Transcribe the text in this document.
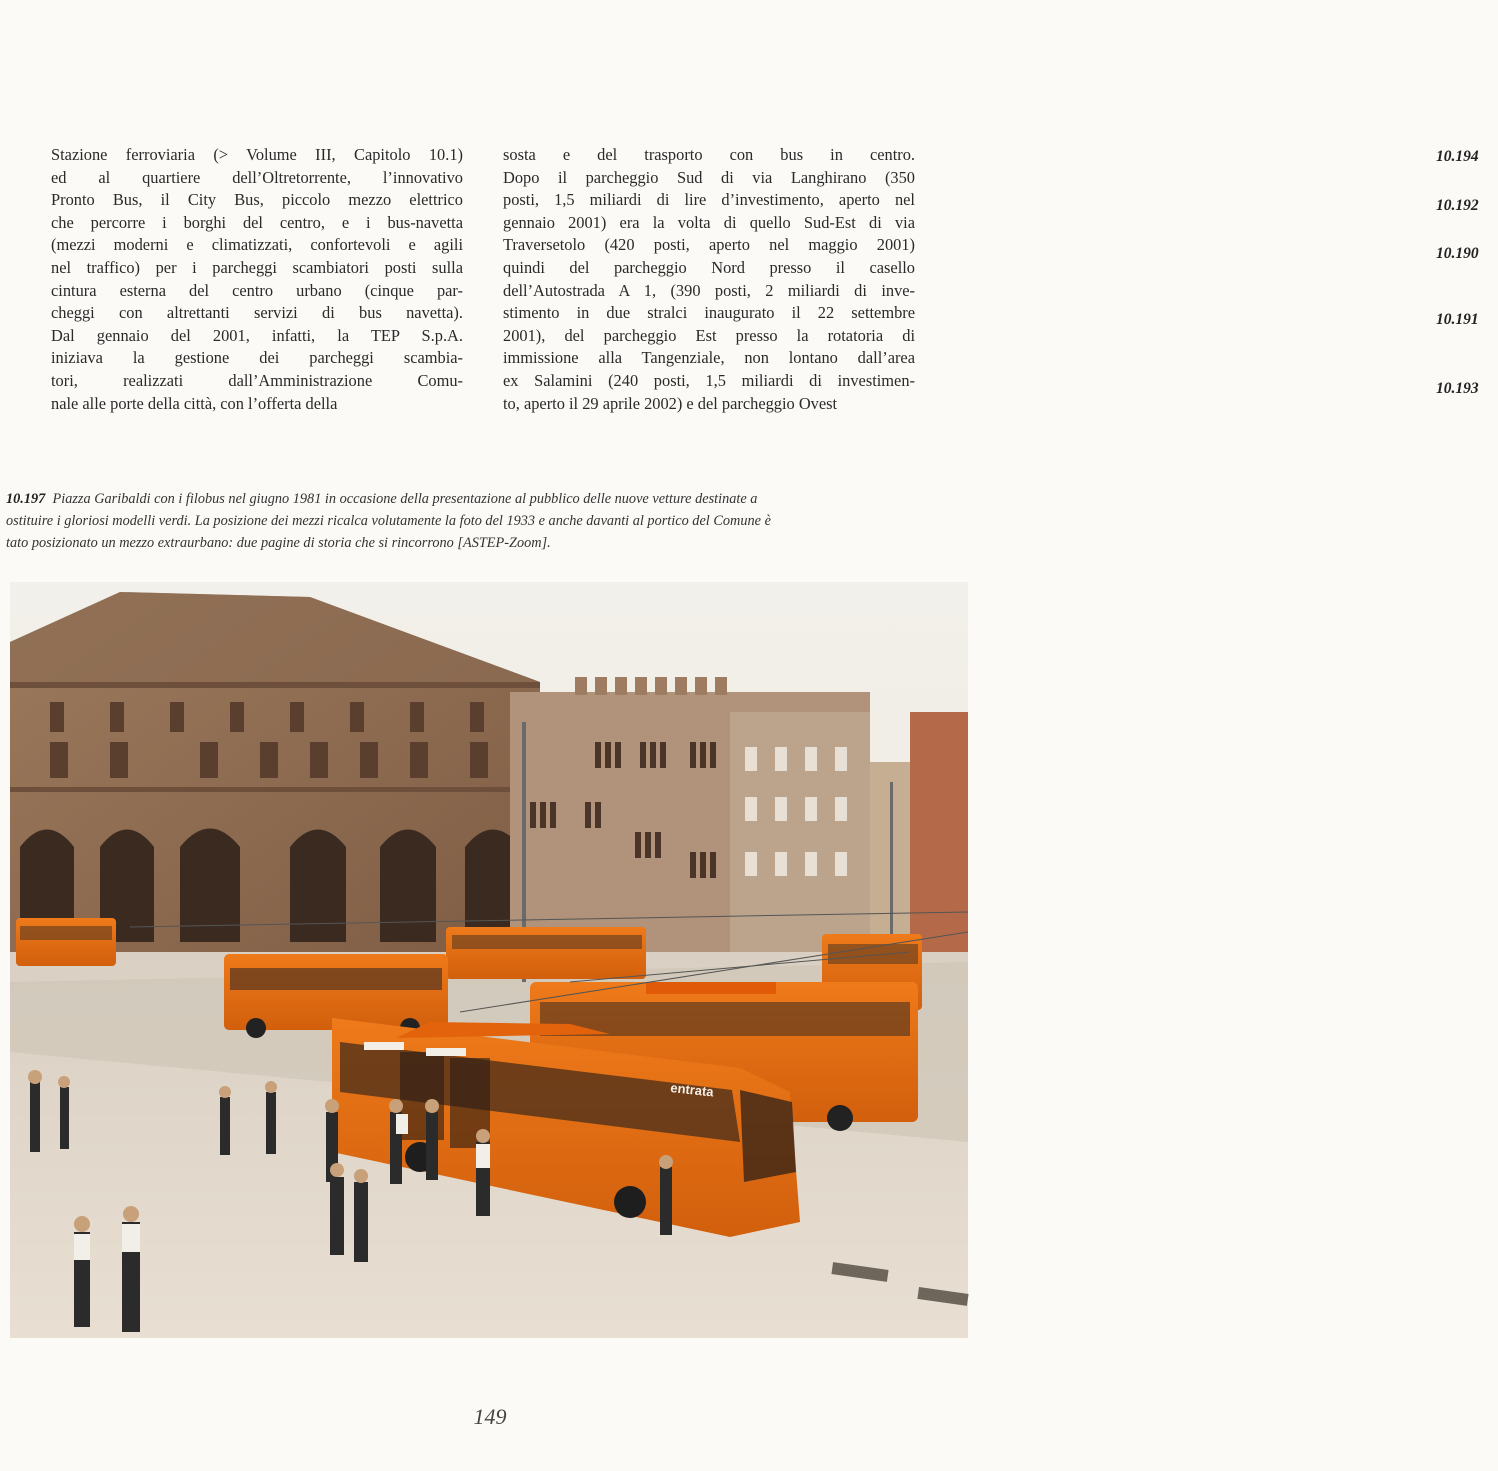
Stazione ferroviaria (> Volume III, Capitolo 10.1)
ed al quartiere dell’Oltretorrente, l’innovativo
Pronto Bus, il City Bus, piccolo mezzo elettrico
che percorre i borghi del centro, e i bus-navetta
(mezzi moderni e climatizzati, confortevoli e agili
nel traffico) per i parcheggi scambiatori posti sulla
cintura esterna del centro urbano (cinque par-
cheggi con altrettanti servizi di bus navetta).
Dal gennaio del 2001, infatti, la TEP S.p.A.
iniziava la gestione dei parcheggi scambia-
tori, realizzati dall’Amministrazione Comu-
nale alle porte della città, con l’offerta della
sosta e del trasporto con bus in centro.
Dopo il parcheggio Sud di via Langhirano (350
posti, 1,5 miliardi di lire d’investimento, aperto nel
gennaio 2001) era la volta di quello Sud-Est di via
Traversetolo (420 posti, aperto nel maggio 2001)
quindi del parcheggio Nord presso il casello
dell’Autostrada A 1, (390 posti, 2 miliardi di inve-
stimento in due stralci inaugurato il 22 settembre
2001), del parcheggio Est presso la rotatoria di
immissione alla Tangenziale, non lontano dall’area
ex Salamini (240 posti, 1,5 miliardi di investimen-
to, aperto il 29 aprile 2002) e del parcheggio Ovest
10.194
10.192
10.190
10.191
10.193
10.197 Piazza Garibaldi con i filobus nel giugno 1981 in occasione della presentazione al pubblico delle nuove vetture destinate a
ostituire i gloriosi modelli verdi. La posizione dei mezzi ricalca volutamente la foto del 1933 e anche davanti al portico del Comune è
tato posizionato un mezzo extraurbano: due pagine di storia che si rincorrono [ASTEP-Zoom].
entrata
149
